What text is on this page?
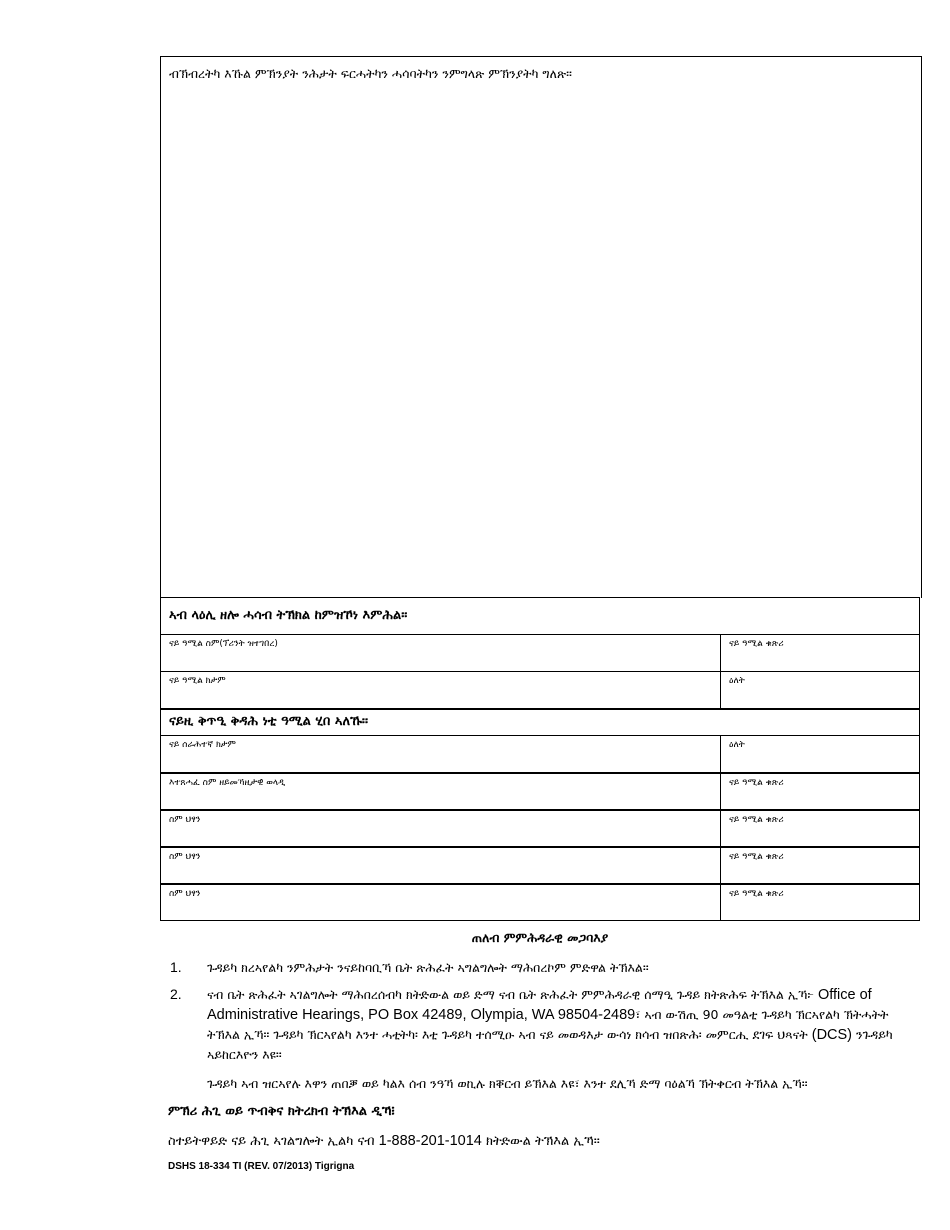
ብኽብረትካ እኹል ምኽንያት ንሕታት ፍርሓትካን ሓሳባትካን ንምግላጽ ምኽንያትካ ግለጽ፡፡
ኣብ ላዕሊ ዘሎ ሓሳብ ትኽክል ከምዝኾነ እምሕል፡፡
ናይ ዓሚል ስም(ፕሪንት ዝተገበረ)	ናይ ዓሚል ቁጽሪ
ናይ ዓሚል ክታም	ዕለት
ናይዚ ቅጥዒ ቅዳሕ ነቲ ዓሚል ሂበ ኣለኹ፡፡
ናይ ሰራሕተኛ ክታም	ዕለት
እተጸሓፈ ስም ዘይመኻዚታዊ ወላዲ	ናይ ዓሚል ቁጽሪ
ስም ህፃን	ናይ ዓሚል ቁጽሪ
ስም ህፃን	ናይ ዓሚል ቁጽሪ
ስም ህፃን	ናይ ዓሚል ቁጽሪ
ጠለብ ምምሕዳራዊ መጋባእያ
1.	ጉዳይካ ክረኣየልካ ንምሕታት ንናይከባቢኻ ቤት ጽሕፈት ኣግልግሎት ማሕበረኮም ምድዋል ትኽእል።
2.	ናብ ቤት ጽሕፈት ኣገልግሎት ማሕበረሰብካ ክትድውል ወይ ድማ ናብ ቤት ጽሕፈት ምምሕዳራዊ ሰማዒ ጉዳይ ክትጽሕፍ ትኽእል ኢኻ፦ Office of Administrative Hearings, PO Box 42489, Olympia, WA 98504-2489፣ ኣብ ውሽጢ 90 መዓልቲ ጉዳይካ ኽርኣየልካ ኽትሓትት ትኽእል ኢኻ። ጉዳይካ ኽርኣየልካ እንተ ሓቲትካ፡ እቲ ጉዳይካ ተሰሚዑ ኣብ ናይ መወዳእታ ውሳነ ክሳብ ዝበጽሕ፡ መምርሒ ደገፍ ህጻናት (DCS) ንጉዳይካ ኣይከርእዮን እዩ።
ጉዳይካ ኣብ ዝርኣየሉ እዋን ጠበቓ ወይ ካልእ ሰብ ንዓኻ ወኪሉ ክቐርብ ይኽእል እዩ፣ እንተ ደሊኻ ድማ ባዕልኻ ኽትቀርብ ትኽእል ኢኻ።
ምኽሪ ሕጊ ወይ ጥብቅና ክትረክብ ትኽእል ዲኻ፧
ስተይትዋይድ ናይ ሕጊ ኣገልግሎት ኢልካ ናብ 1-888-201-1014 ክትድውል ትኽእል ኢኻ።
DSHS 18-334 TI (REV. 07/2013) Tigrigna
